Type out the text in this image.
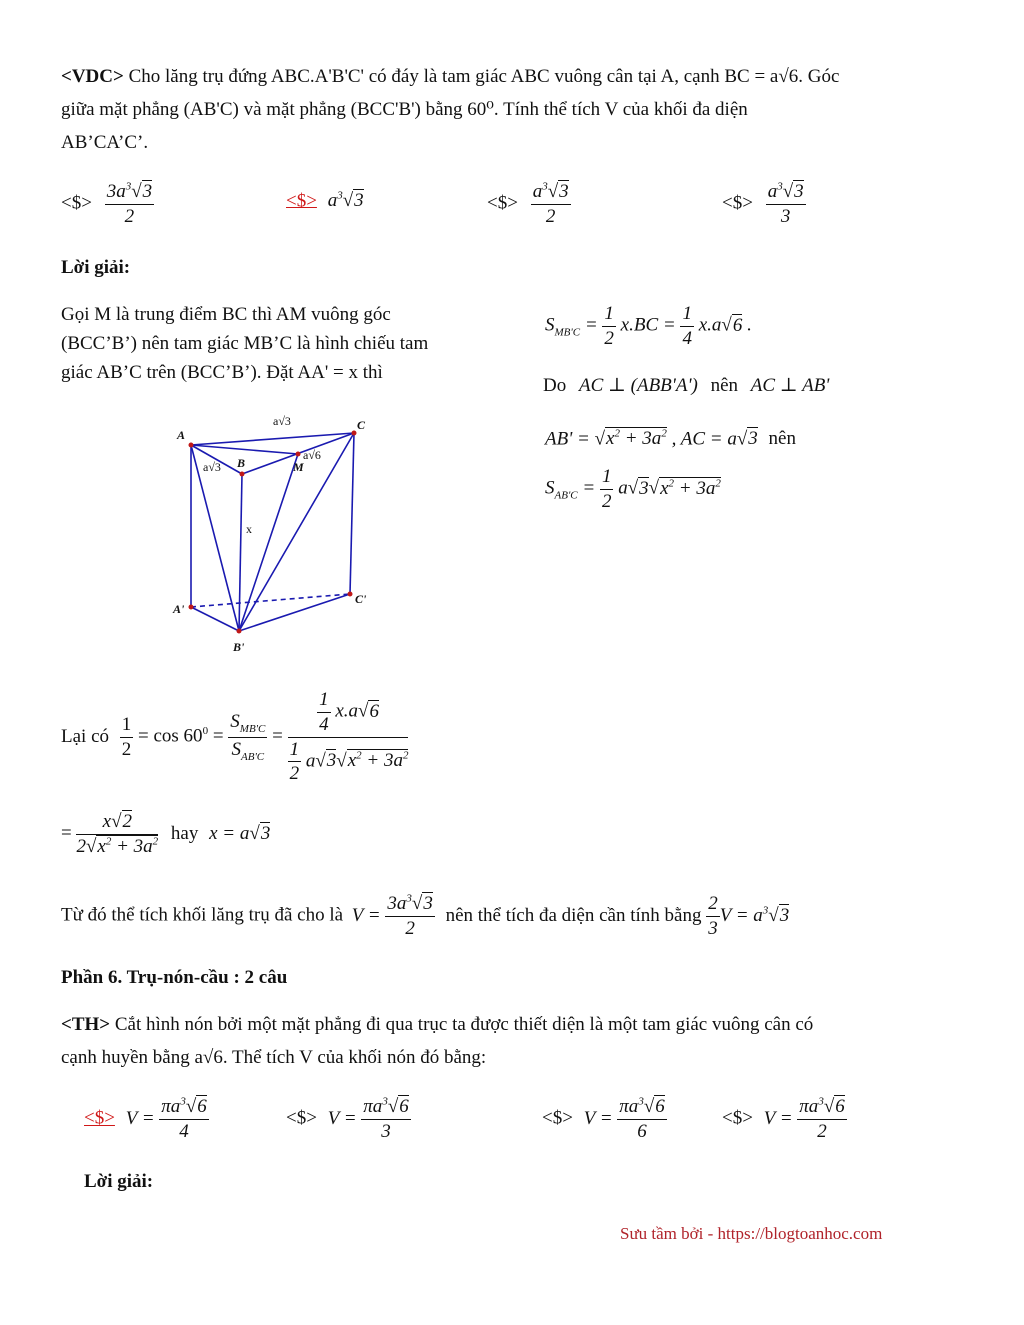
<VDC> Cho lăng trụ đứng ABC.A'B'C' có đáy là tam giác ABC vuông cân tại A, cạnh BC = a√6. Góc
giữa mặt phẳng (AB'C) và mặt phẳng (BCC'B') bằng 60⁰. Tính thể tích V của khối đa diện
AB’CA’C’.
<$> $\frac{3a^3√3}{2}$	<$> $a^3√3$	<$> $\frac{a^3√3}{2}$	<$> $\frac{a^3√3}{3}$
Lời giải:
Gọi M là trung điểm BC thì AM vuông góc
(BCC’B’) nên tam giác MB’C là hình chiếu tam
giác AB’C trên (BCC’B’). Đặt AA' = x thì
$S_{MB'C} = \frac{1}{2} x.BC = \frac{1}{4} x.a√6$ .
Do AC ⊥ (ABB'A') nên AC ⊥ AB'
$AB' = √x^2 + 3a^2$ , AC = a√3 nên
$S_{AB'C} = \frac{1}{2} a√3√x^2 + 3a^2$
A
B
C
M
A'
B'
C'
x
a√3
a√3
a√6
Lại có $\frac{1}{2} = \cos 60^0 = \frac{S_{MB'C}}{S_{AB'C}} = \frac{\frac{1}{4} x.a√6}{\frac{1}{2} a√3√x^2 + 3a^2}$
= $\frac{x√2}{2√x^2 + 3a^2}$ hay x = a√3
Từ đó thể tích khối lăng trụ đã cho là $V = \frac{3a^3√3}{2}$ nên thể tích đa diện cần tính bằng $\frac{2}{3}$ $V = a^3√3$
Phần 6. Trụ-nón-cầu : 2 câu
<TH> Cắt hình nón bởi một mặt phẳng đi qua trục ta được thiết diện là một tam giác vuông cân có
cạnh huyền bằng a√6. Thể tích V của khối nón đó bằng:
<$> $V = \frac{\pi a^3√6}{4}$	<$> $V = \frac{\pi a^3√6}{3}$	<$> $V = \frac{\pi a^3√6}{6}$	<$> $V = \frac{\pi a^3√6}{2}$
Lời giải:
Sưu tầm bởi - https://blogtoanhoc.com
